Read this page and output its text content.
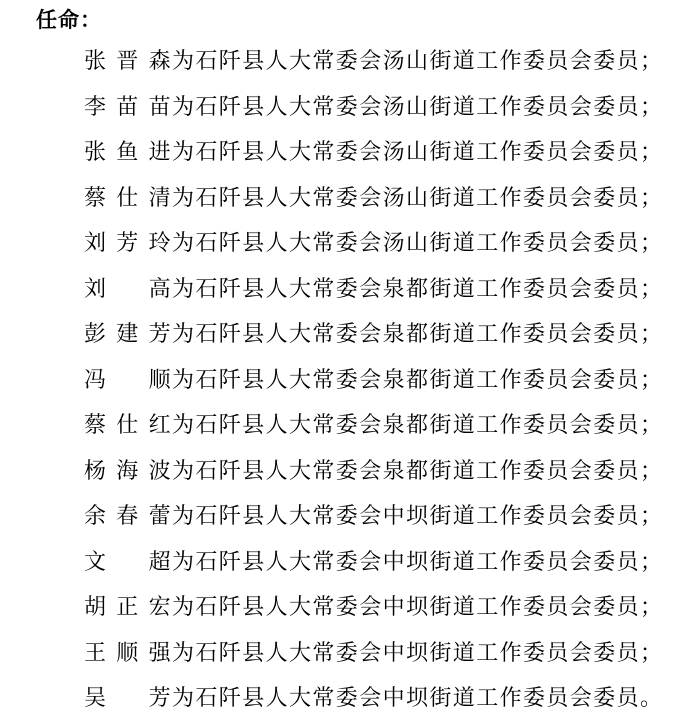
任命：
张晋森为石阡县人大常委会汤山街道工作委员会委员；
李苗苗为石阡县人大常委会汤山街道工作委员会委员；
张鱼进为石阡县人大常委会汤山街道工作委员会委员；
蔡仕清为石阡县人大常委会汤山街道工作委员会委员；
刘芳玲为石阡县人大常委会汤山街道工作委员会委员；
刘　高为石阡县人大常委会泉都街道工作委员会委员；
彭建芳为石阡县人大常委会泉都街道工作委员会委员；
冯　顺为石阡县人大常委会泉都街道工作委员会委员；
蔡仕红为石阡县人大常委会泉都街道工作委员会委员；
杨海波为石阡县人大常委会泉都街道工作委员会委员；
余春蕾为石阡县人大常委会中坝街道工作委员会委员；
文　超为石阡县人大常委会中坝街道工作委员会委员；
胡正宏为石阡县人大常委会中坝街道工作委员会委员；
王顺强为石阡县人大常委会中坝街道工作委员会委员；
吴　芳为石阡县人大常委会中坝街道工作委员会委员。
